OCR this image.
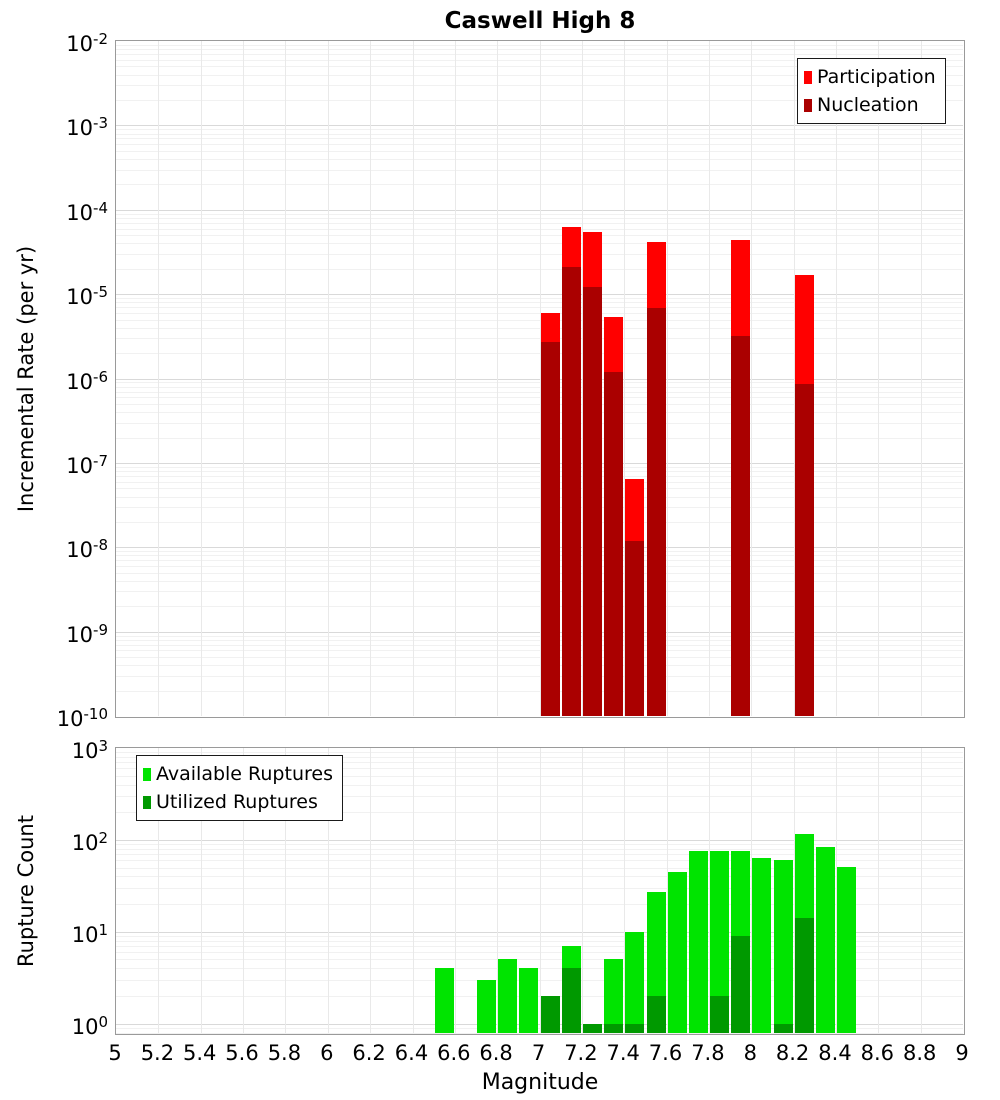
Caswell High 8
Incremental Rate (per yr)
Rupture Count
Magnitude
$10^{-2}$
$10^{-3}$
$10^{-4}$
$10^{-5}$
$10^{-6}$
$10^{-7}$
$10^{-8}$
$10^{-9}$
$10^{-10}$
Participation
Nucleation
$10^3$
$10^2$
$10^1$
$10^0$
Available Ruptures
Utilized Ruptures
5 5.2 5.4 5.6 5.8 6 6.2 6.4 6.6 6.8 7 7.2 7.4 7.6 7.8 8 8.2 8.4 8.6 8.8 9
